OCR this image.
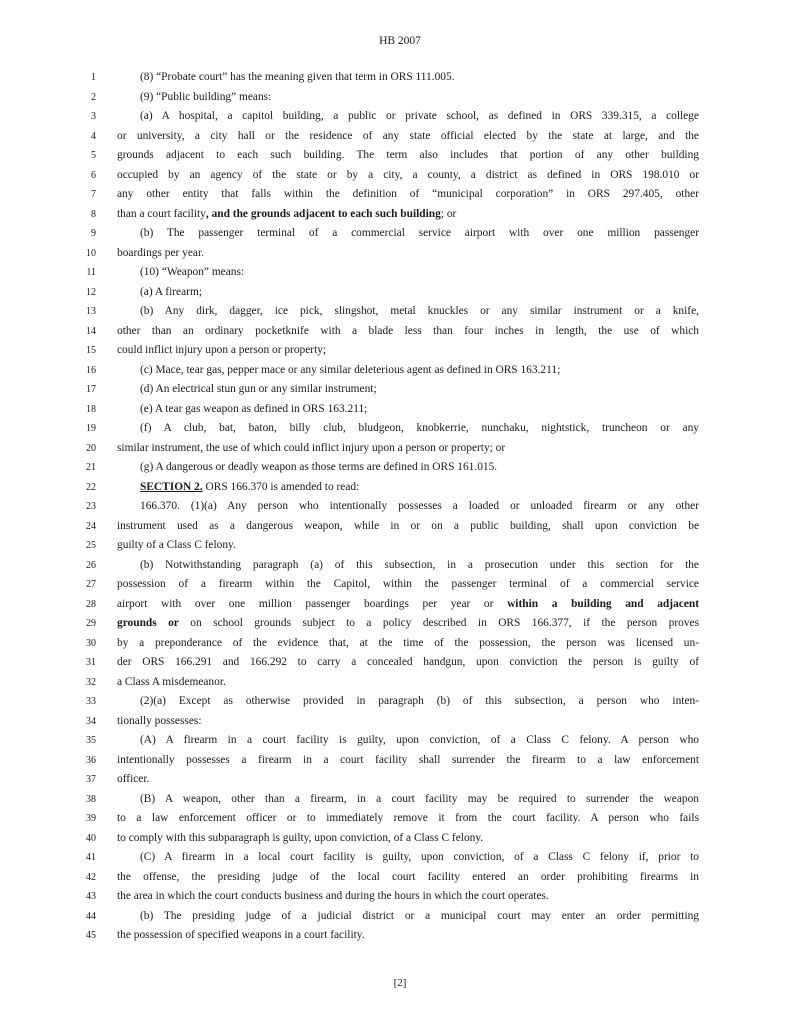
HB 2007
1	(8) “Probate court” has the meaning given that term in ORS 111.005.
2	(9) “Public building” means:
3	(a) A hospital, a capitol building, a public or private school, as defined in ORS 339.315, a college
4 or university, a city hall or the residence of any state official elected by the state at large, and the
5 grounds adjacent to each such building. The term also includes that portion of any other building
6 occupied by an agency of the state or by a city, a county, a district as defined in ORS 198.010 or
7 any other entity that falls within the definition of “municipal corporation” in ORS 297.405, other
8 than a court facility, and the grounds adjacent to each such building; or
9	(b) The passenger terminal of a commercial service airport with over one million passenger
10 boardings per year.
11	(10) “Weapon” means:
12	(a) A firearm;
13	(b) Any dirk, dagger, ice pick, slingshot, metal knuckles or any similar instrument or a knife,
14 other than an ordinary pocketknife with a blade less than four inches in length, the use of which
15 could inflict injury upon a person or property;
16	(c) Mace, tear gas, pepper mace or any similar deleterious agent as defined in ORS 163.211;
17	(d) An electrical stun gun or any similar instrument;
18	(e) A tear gas weapon as defined in ORS 163.211;
19	(f) A club, bat, baton, billy club, bludgeon, knobkerrie, nunchaku, nightstick, truncheon or any
20 similar instrument, the use of which could inflict injury upon a person or property; or
21	(g) A dangerous or deadly weapon as those terms are defined in ORS 161.015.
22	SECTION 2. ORS 166.370 is amended to read:
23	166.370. (1)(a) Any person who intentionally possesses a loaded or unloaded firearm or any other
24 instrument used as a dangerous weapon, while in or on a public building, shall upon conviction be
25 guilty of a Class C felony.
26	(b) Notwithstanding paragraph (a) of this subsection, in a prosecution under this section for the
27 possession of a firearm within the Capitol, within the passenger terminal of a commercial service
28 airport with over one million passenger boardings per year or within a building and adjacent
29 grounds or on school grounds subject to a policy described in ORS 166.377, if the person proves
30 by a preponderance of the evidence that, at the time of the possession, the person was licensed un-
31 der ORS 166.291 and 166.292 to carry a concealed handgun, upon conviction the person is guilty of
32 a Class A misdemeanor.
33	(2)(a) Except as otherwise provided in paragraph (b) of this subsection, a person who inten-
34 tionally possesses:
35	(A) A firearm in a court facility is guilty, upon conviction, of a Class C felony. A person who
36 intentionally possesses a firearm in a court facility shall surrender the firearm to a law enforcement
37 officer.
38	(B) A weapon, other than a firearm, in a court facility may be required to surrender the weapon
39 to a law enforcement officer or to immediately remove it from the court facility. A person who fails
40 to comply with this subparagraph is guilty, upon conviction, of a Class C felony.
41	(C) A firearm in a local court facility is guilty, upon conviction, of a Class C felony if, prior to
42 the offense, the presiding judge of the local court facility entered an order prohibiting firearms in
43 the area in which the court conducts business and during the hours in which the court operates.
44	(b) The presiding judge of a judicial district or a municipal court may enter an order permitting
45 the possession of specified weapons in a court facility.
[2]
